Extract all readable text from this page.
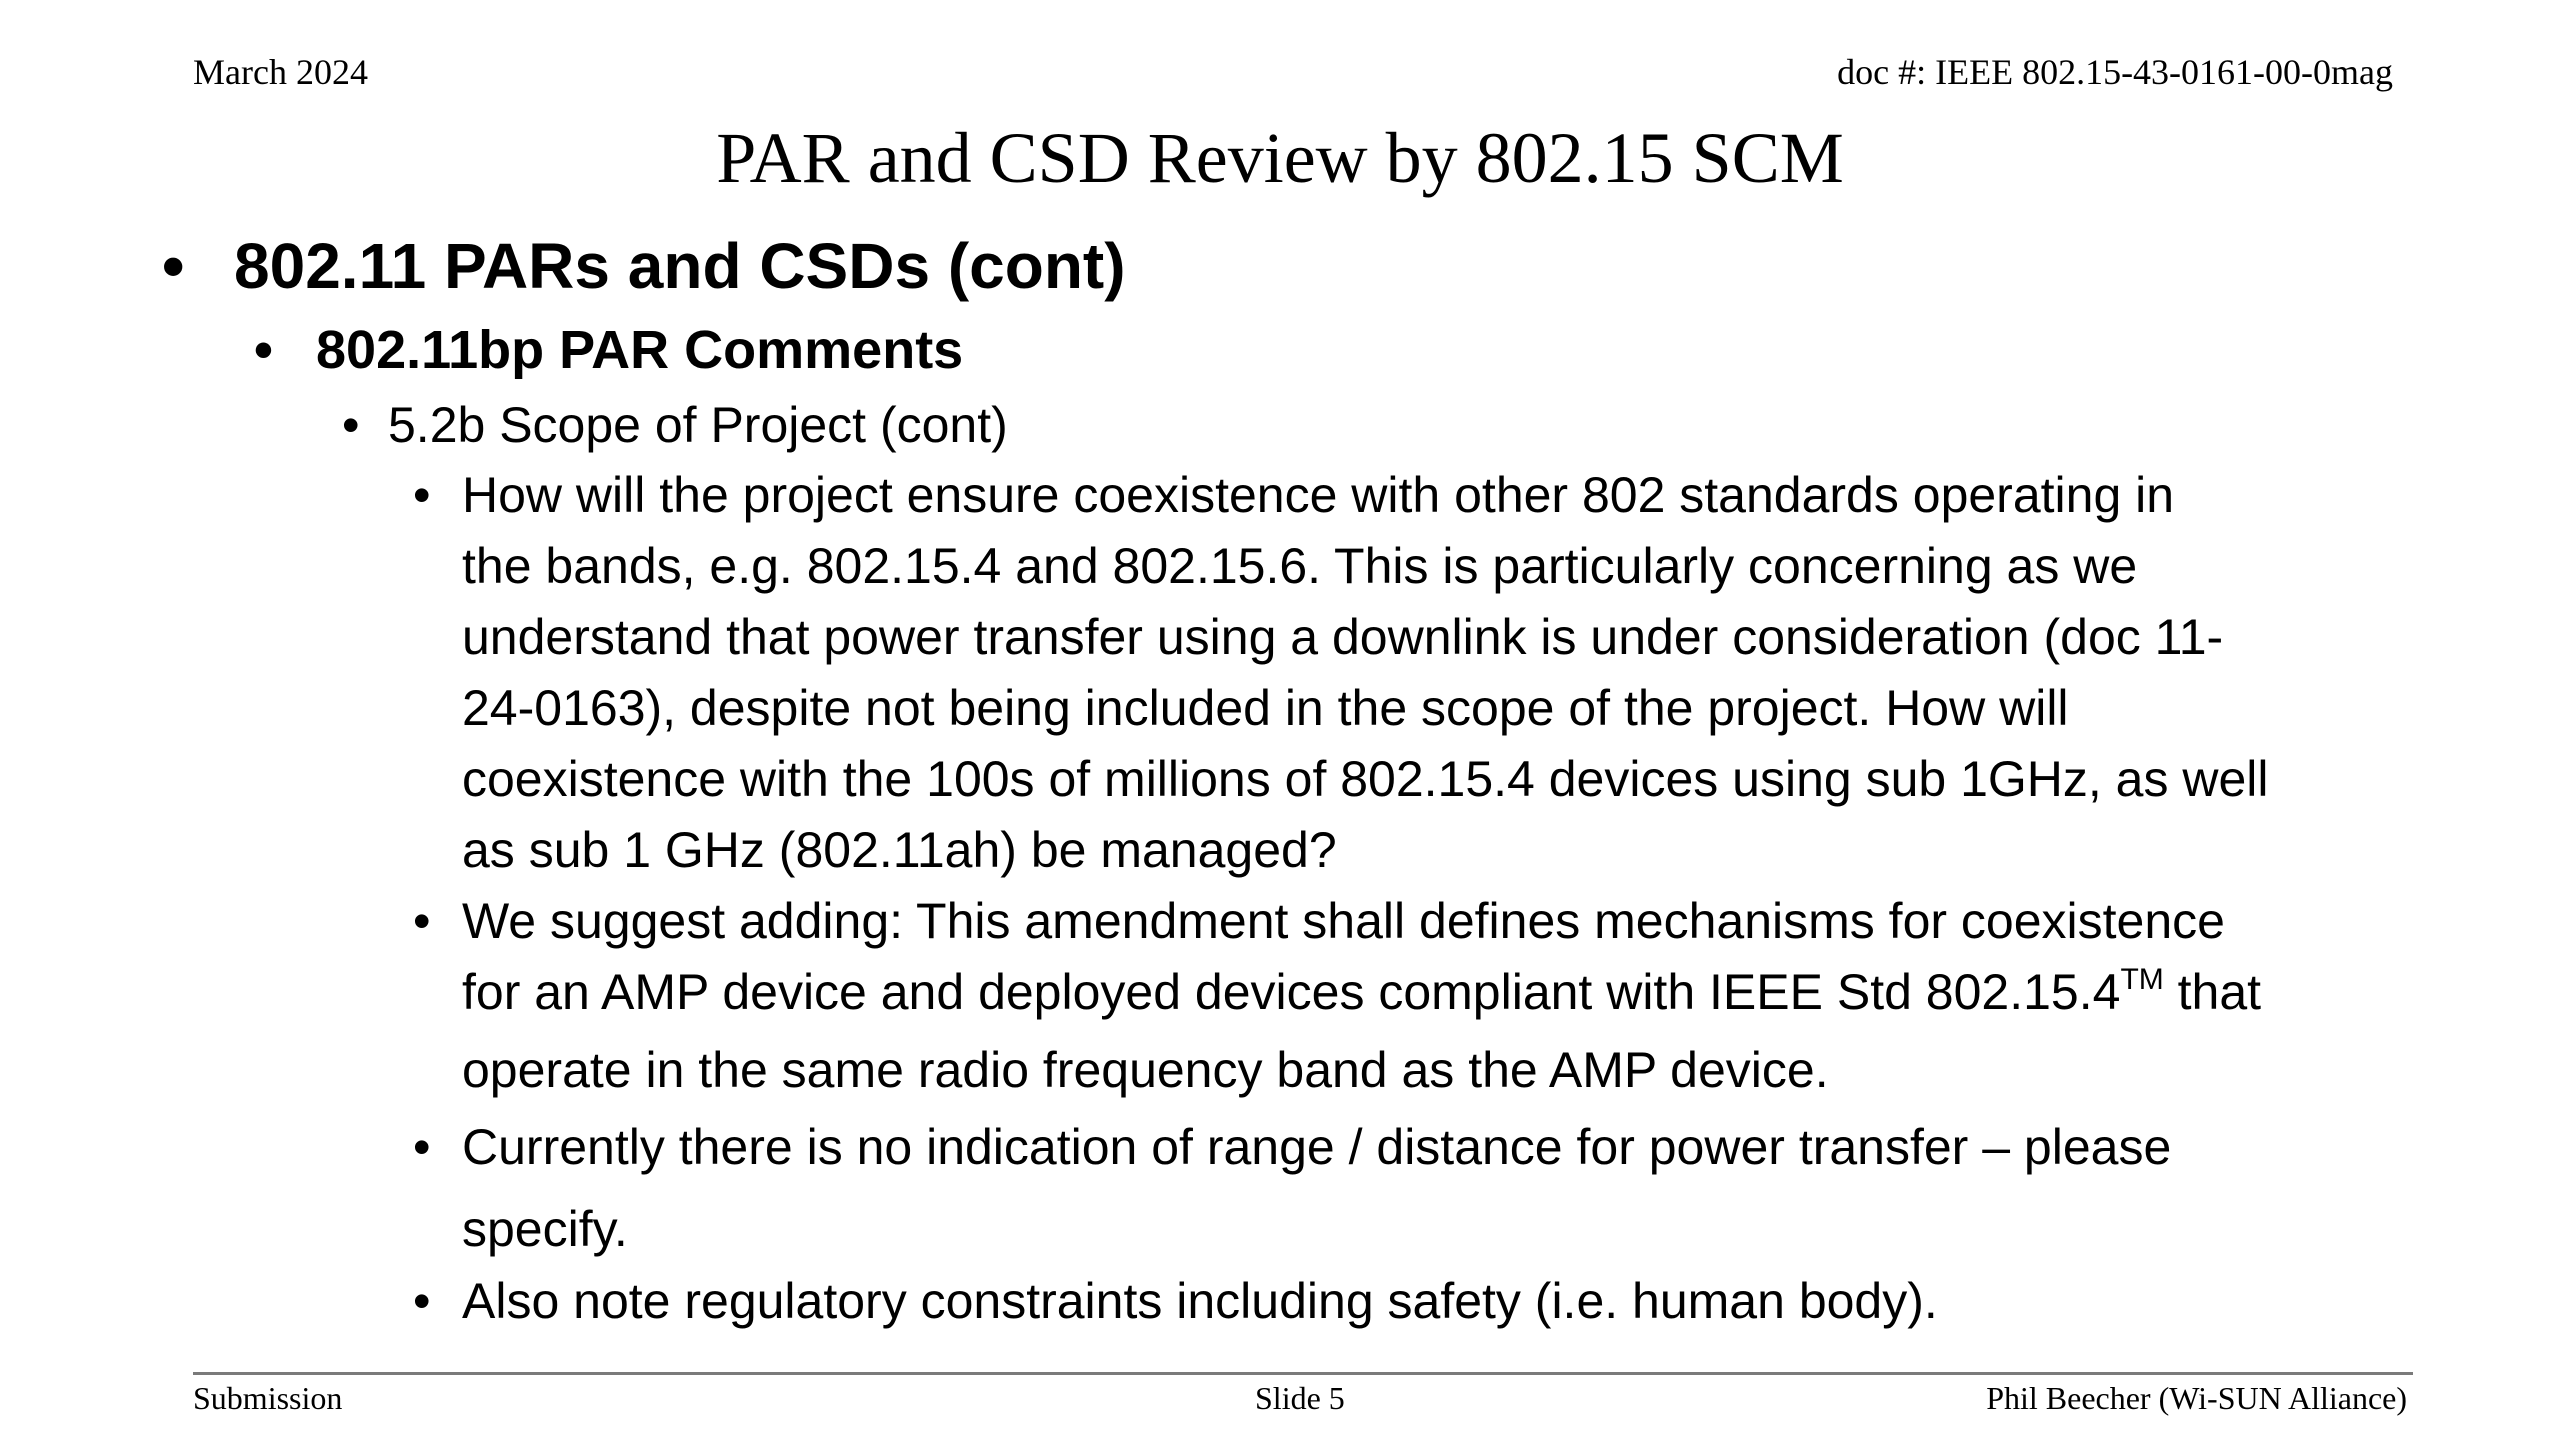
March 2024	doc #: IEEE 802.15-43-0161-00-0mag
PAR and CSD Review by 802.15 SCM
• 802.11 PARs and CSDs (cont)
• 802.11bp PAR Comments
• 5.2b Scope of Project (cont)
• How will the project ensure coexistence with other 802 standards operating in
the bands, e.g. 802.15.4 and 802.15.6. This is particularly concerning as we
understand that power transfer using a downlink is under consideration (doc 11-
24-0163), despite not being included in the scope of the project. How will
coexistence with the 100s of millions of 802.15.4 devices using sub 1GHz, as well
as sub 1 GHz (802.11ah) be managed?
• We suggest adding: This amendment shall defines mechanisms for coexistence
for an AMP device and deployed devices compliant with IEEE Std 802.15.4™ that
operate in the same radio frequency band as the AMP device.
• Currently there is no indication of range / distance for power transfer – please
specify.
• Also note regulatory constraints including safety (i.e. human body).
Submission	Slide 5	Phil Beecher (Wi-SUN Alliance)
